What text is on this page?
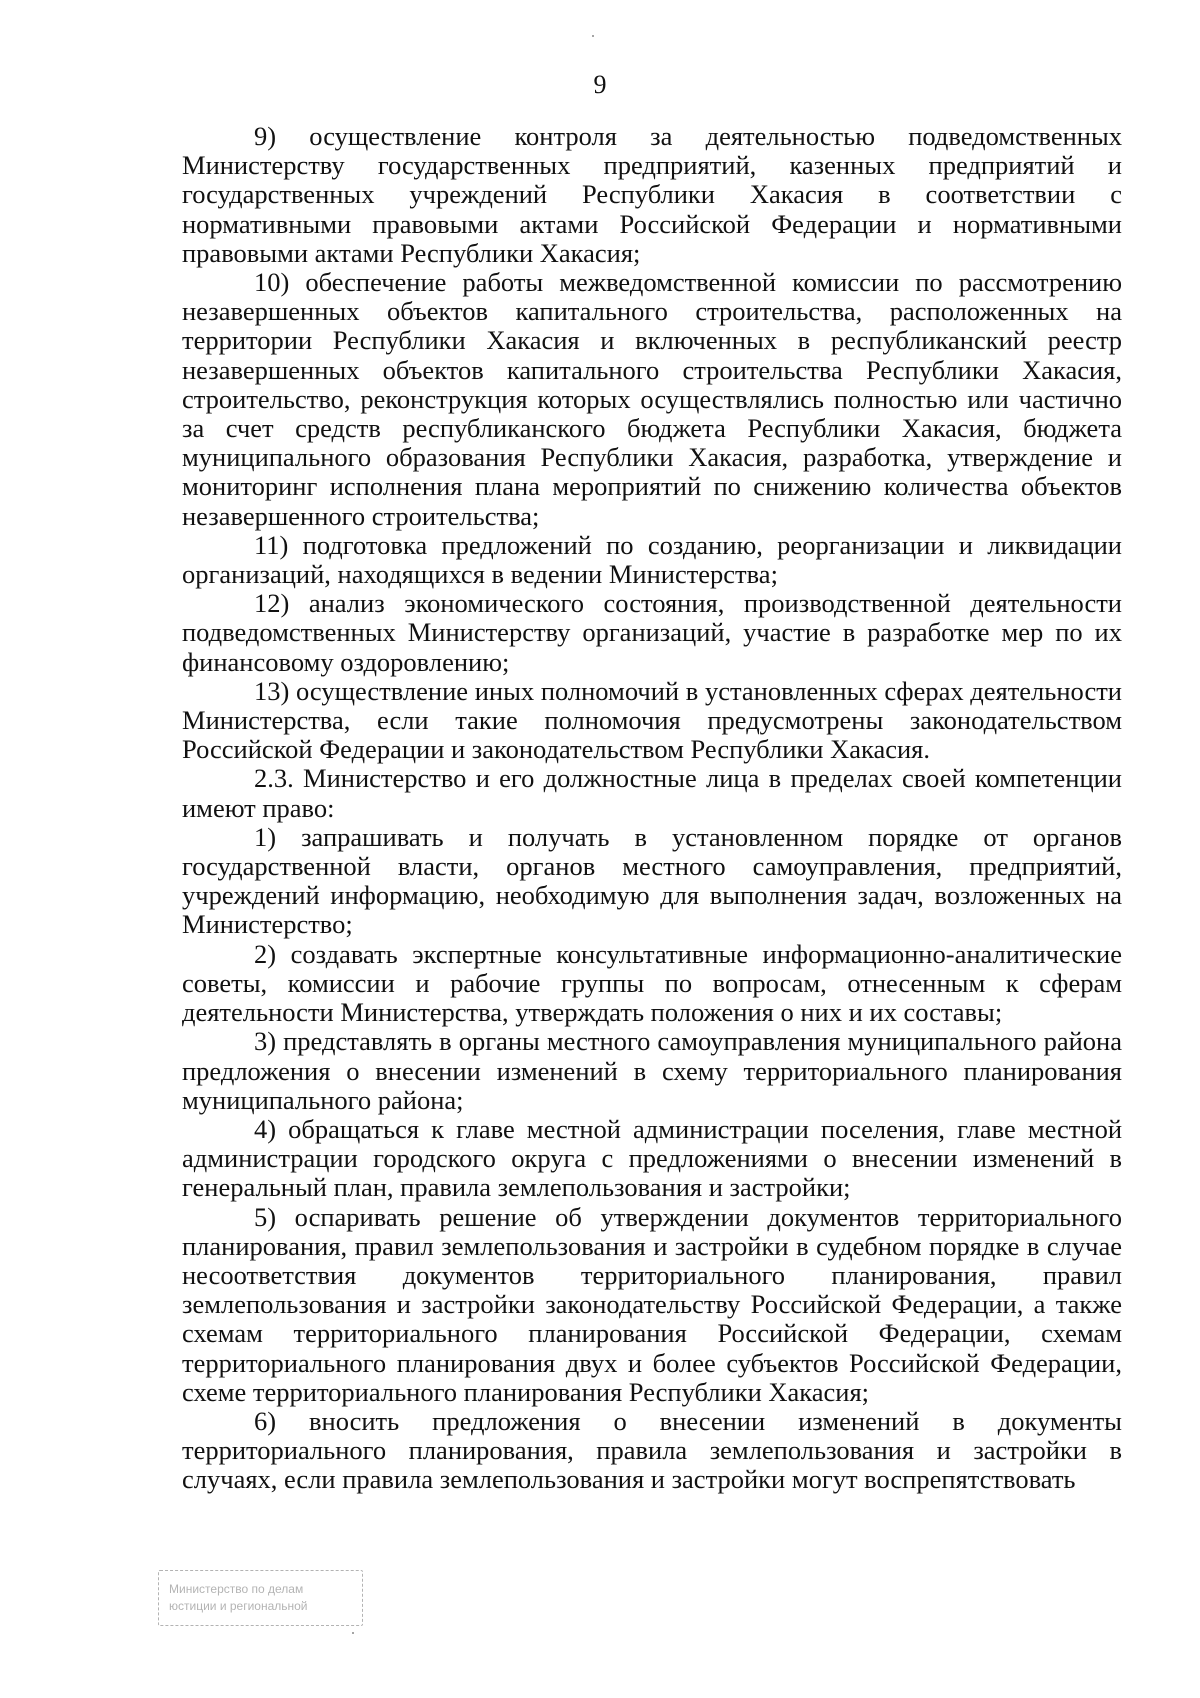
9

9) осуществление контроля за деятельностью подведомственных Министерству государственных предприятий, казенных предприятий и государственных учреждений Республики Хакасия в соответствии с нормативными правовыми актами Российской Федерации и нормативными правовыми актами Республики Хакасия;

10) обеспечение работы межведомственной комиссии по рассмотрению незавершенных объектов капитального строительства, расположенных на территории Республики Хакасия и включенных в республиканский реестр незавершенных объектов капитального строительства Республики Хакасия, строительство, реконструкция которых осуществлялись полностью или частично за счет средств республиканского бюджета Республики Хакасия, бюджета муниципального образования Республики Хакасия, разработка, утверждение и мониторинг исполнения плана мероприятий по снижению количества объектов незавершенного строительства;

11) подготовка предложений по созданию, реорганизации и ликвидации организаций, находящихся в ведении Министерства;

12) анализ экономического состояния, производственной деятельности подведомственных Министерству организаций, участие в разработке мер по их финансовому оздоровлению;

13) осуществление иных полномочий в установленных сферах деятельности Министерства, если такие полномочия предусмотрены законодательством Российской Федерации и законодательством Республики Хакасия.

2.3. Министерство и его должностные лица в пределах своей компетенции имеют право:

1) запрашивать и получать в установленном порядке от органов государственной власти, органов местного самоуправления, предприятий, учреждений информацию, необходимую для выполнения задач, возложенных на Министерство;

2) создавать экспертные консультативные информационно-аналитические советы, комиссии и рабочие группы по вопросам, отнесенным к сферам деятельности Министерства, утверждать положения о них и их составы;

3) представлять в органы местного самоуправления муниципального района предложения о внесении изменений в схему территориального планирования муниципального района;

4) обращаться к главе местной администрации поселения, главе местной администрации городского округа с предложениями о внесении изменений в генеральный план, правила землепользования и застройки;

5) оспаривать решение об утверждении документов территориального планирования, правил землепользования и застройки в судебном порядке в случае несоответствия документов территориального планирования, правил землепользования и застройки законодательству Российской Федерации, а также схемам территориального планирования Российской Федерации, схемам территориального планирования двух и более субъектов Российской Федерации, схеме территориального планирования Республики Хакасия;

6) вносить предложения о внесении изменений в документы территориального планирования, правила землепользования и застройки в случаях, если правила землепользования и застройки могут воспрепятствовать

Министерство по делам
юстиции и региональной
